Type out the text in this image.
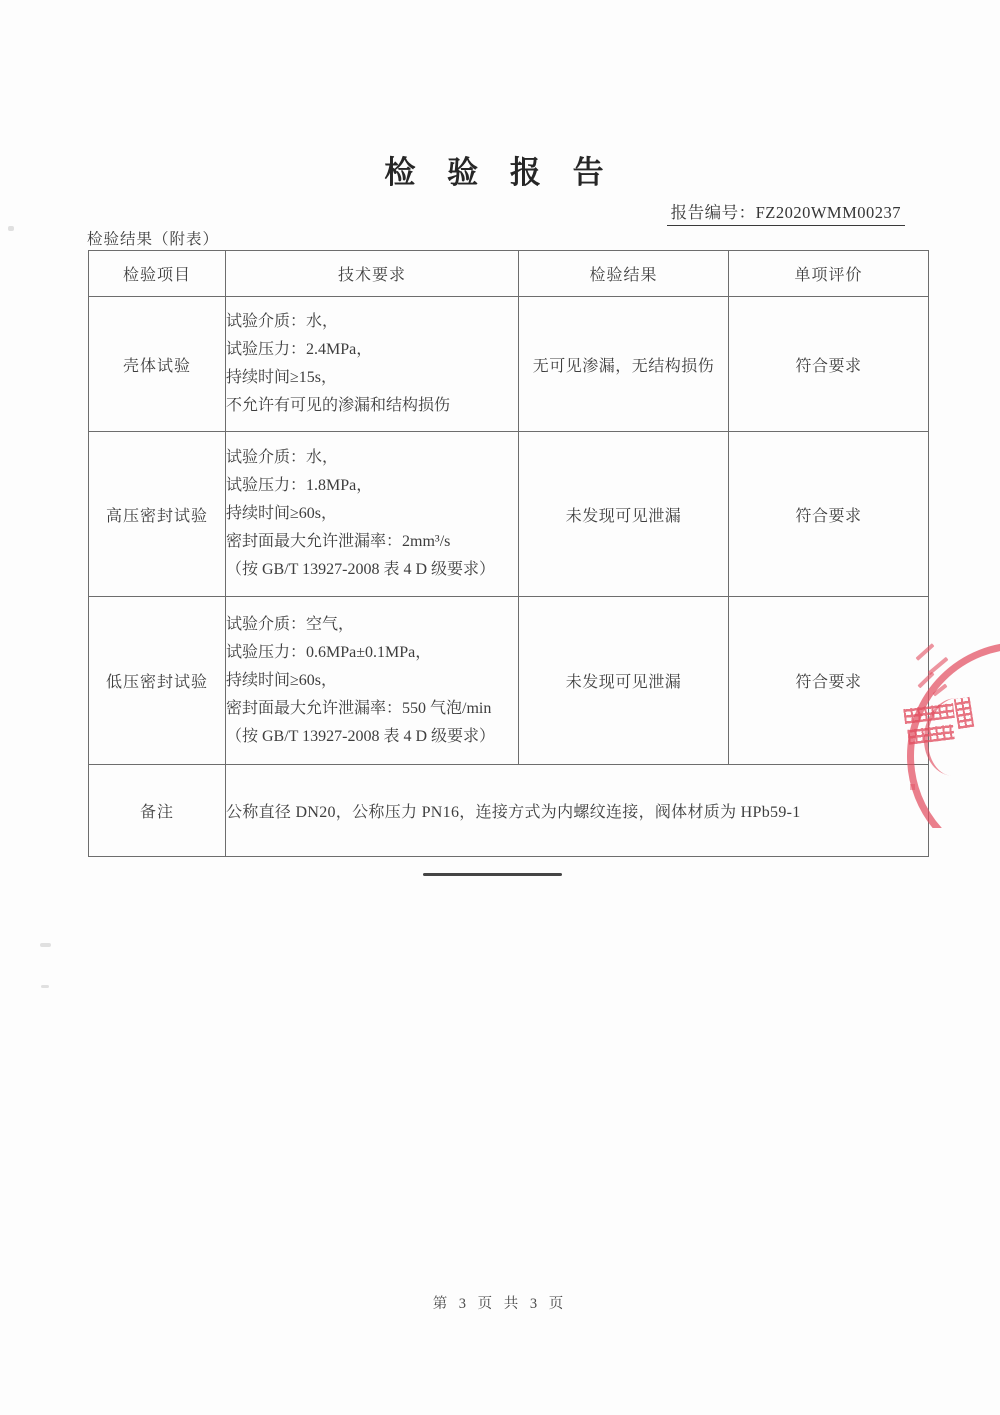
检 验 报 告
报告编号：FZ2020WMM00237
检验结果（附表）
检验项目	技术要求	检验结果	单项评价
壳体试验	试验介质：水，
试验压力：2.4MPa，
持续时间≥15s，
不允许有可见的渗漏和结构损伤	无可见渗漏，无结构损伤	符合要求
高压密封试验	试验介质：水，
试验压力：1.8MPa，
持续时间≥60s，
密封面最大允许泄漏率：2mm³/s
（按 GB/T 13927-2008 表 4 D 级要求）	未发现可见泄漏	符合要求
低压密封试验	试验介质：空气，
试验压力：0.6MPa±0.1MPa，
持续时间≥60s，
密封面最大允许泄漏率：550 气泡/min
（按 GB/T 13927-2008 表 4 D 级要求）	未发现可见泄漏	符合要求
备注	公称直径 DN20，公称压力 PN16，连接方式为内螺纹连接，阀体材质为 HPb59-1		
第 3 页 共 3 页
